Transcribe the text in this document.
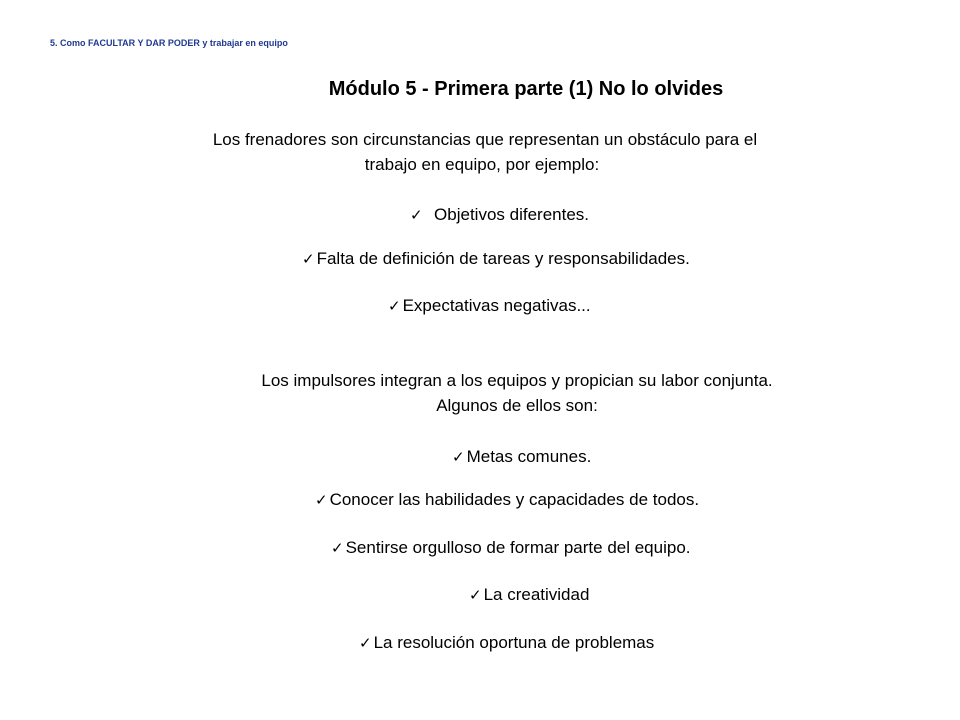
5. Como FACULTAR Y DAR PODER y trabajar en equipo
Módulo 5 - Primera parte (1) No lo olvides
Los frenadores son circunstancias que representan un obstáculo para el
trabajo en equipo, por ejemplo:
✓ Objetivos diferentes.
✓ Falta de definición de tareas y responsabilidades.
✓ Expectativas negativas...
Los impulsores integran a los equipos y propician su labor conjunta.
Algunos de ellos son:
✓ Metas comunes.
✓ Conocer las habilidades y capacidades de todos.
✓ Sentirse orgulloso de formar parte del equipo.
✓ La creatividad
✓ La resolución oportuna de problemas
